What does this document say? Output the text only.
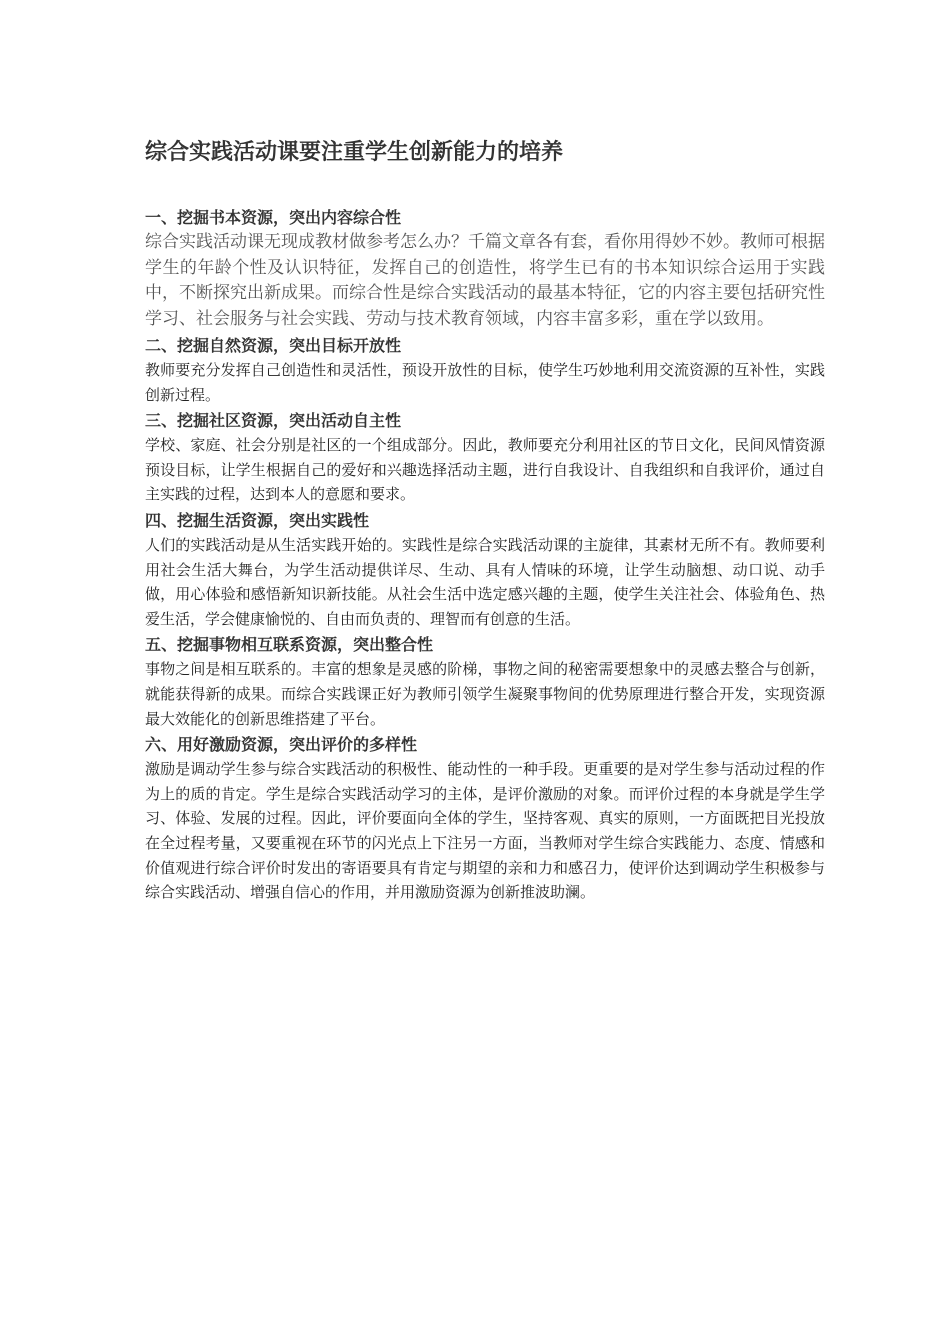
综合实践活动课要注重学生创新能力的培养
一、挖掘书本资源，突出内容综合性

综合实践活动课无现成教材做参考怎么办？千篇文章各有套，看你用得妙不妙。教师可根据学生的年龄个性及认识特征，发挥自己的创造性，将学生已有的书本知识综合运用于实践中，不断探究出新成果。而综合性是综合实践活动的最基本特征，它的内容主要包括研究性学习、社会服务与社会实践、劳动与技术教育领域，内容丰富多彩，重在学以致用。

二、挖掘自然资源，突出目标开放性

教师要充分发挥自己创造性和灵活性，预设开放性的目标，使学生巧妙地利用交流资源的互补性，实践创新过程。

三、挖掘社区资源，突出活动自主性

学校、家庭、社会分别是社区的一个组成部分。因此，教师要充分利用社区的节日文化，民间风情资源预设目标，让学生根据自己的爱好和兴趣选择活动主题，进行自我设计、自我组织和自我评价，通过自主实践的过程，达到本人的意愿和要求。

四、挖掘生活资源，突出实践性

人们的实践活动是从生活实践开始的。实践性是综合实践活动课的主旋律，其素材无所不有。教师要利用社会生活大舞台，为学生活动提供详尽、生动、具有人情味的环境，让学生动脑想、动口说、动手做，用心体验和感悟新知识新技能。从社会生活中选定感兴趣的主题，使学生关注社会、体验角色、热爱生活，学会健康愉悦的、自由而负责的、理智而有创意的生活。

五、挖掘事物相互联系资源，突出整合性

事物之间是相互联系的。丰富的想象是灵感的阶梯，事物之间的秘密需要想象中的灵感去整合与创新，就能获得新的成果。而综合实践课正好为教师引领学生凝聚事物间的优势原理进行整合开发，实现资源最大效能化的创新思维搭建了平台。

六、用好激励资源，突出评价的多样性

激励是调动学生参与综合实践活动的积极性、能动性的一种手段。更重要的是对学生参与活动过程的作为上的质的肯定。学生是综合实践活动学习的主体，是评价激励的对象。而评价过程的本身就是学生学习、体验、发展的过程。因此，评价要面向全体的学生，坚持客观、真实的原则，一方面既把目光投放在全过程考量，又要重视在环节的闪光点上下注另一方面，当教师对学生综合实践能力、态度、情感和价值观进行综合评价时发出的寄语要具有肯定与期望的亲和力和感召力，使评价达到调动学生积极参与综合实践活动、增强自信心的作用，并用激励资源为创新推波助澜。
